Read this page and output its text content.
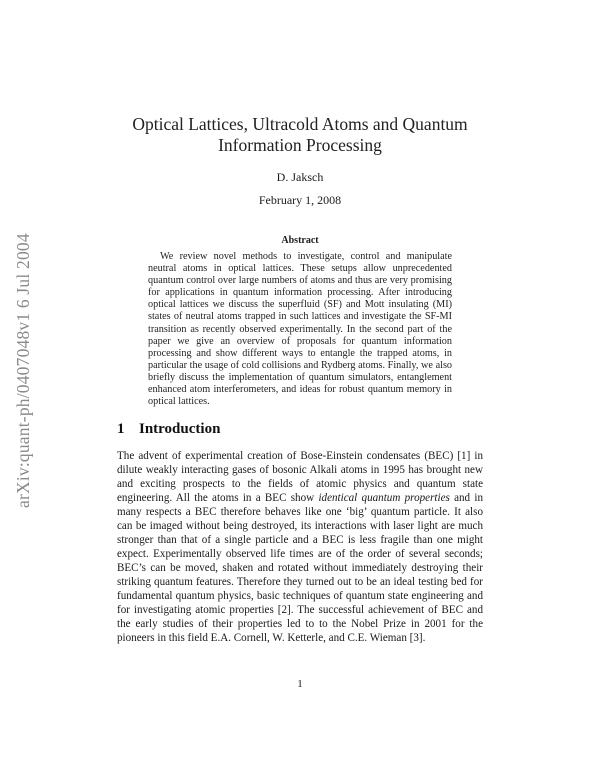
arXiv:quant-ph/0407048v1 6 Jul 2004
Optical Lattices, Ultracold Atoms and Quantum Information Processing
D. Jaksch
February 1, 2008
Abstract
We review novel methods to investigate, control and manipulate neutral atoms in optical lattices. These setups allow unprecedented quantum control over large numbers of atoms and thus are very promising for applications in quantum information processing. After introducing optical lattices we discuss the superfluid (SF) and Mott insulating (MI) states of neutral atoms trapped in such lattices and investigate the SF-MI transition as recently observed experimentally. In the second part of the paper we give an overview of proposals for quantum information processing and show different ways to entangle the trapped atoms, in particular the usage of cold collisions and Rydberg atoms. Finally, we also briefly discuss the implementation of quantum simulators, entanglement enhanced atom interferometers, and ideas for robust quantum memory in optical lattices.
1 Introduction
The advent of experimental creation of Bose-Einstein condensates (BEC) [1] in dilute weakly interacting gases of bosonic Alkali atoms in 1995 has brought new and exciting prospects to the fields of atomic physics and quantum state engineering. All the atoms in a BEC show identical quantum properties and in many respects a BEC therefore behaves like one ‘big’ quantum particle. It also can be imaged without being destroyed, its interactions with laser light are much stronger than that of a single particle and a BEC is less fragile than one might expect. Experimentally observed life times are of the order of several seconds; BEC’s can be moved, shaken and rotated without immediately destroying their striking quantum features. Therefore they turned out to be an ideal testing bed for fundamental quantum physics, basic techniques of quantum state engineering and for investigating atomic properties [2]. The successful achievement of BEC and the early studies of their properties led to to the Nobel Prize in 2001 for the pioneers in this field E.A. Cornell, W. Ketterle, and C.E. Wieman [3].
1
